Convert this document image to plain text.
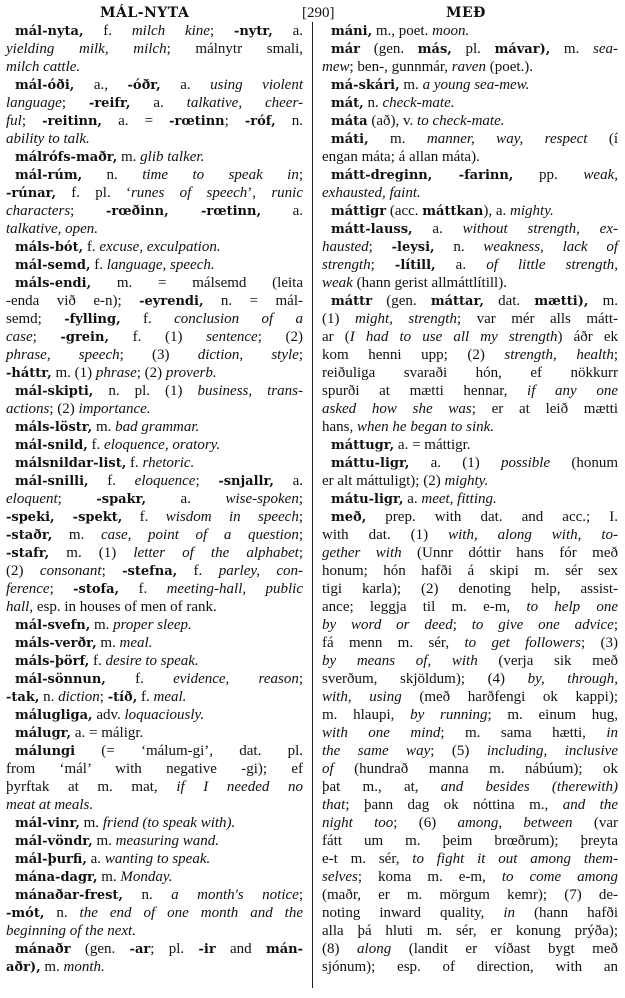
MÁL-NYTA	[290]	MEÐ
mál-nyta, f. milch kine; -nytr, a.
yielding milk, milch; málnytr smali,
milch cattle.
mál-óði, a., -óðr, a. using violent
language; -reifr, a. talkative, cheer-
ful; -reitinn, a. = -rœtinn; -róf, n.
ability to talk.
málrófs-maðr, m. glib talker.
mál-rúm, n. time to speak in;
-rúnar, f. pl. ‘runes of speech’, runic
characters; -rœðinn, -rœtinn, a.
talkative, open.
máls-bót, f. excuse, exculpation.
mál-semd, f. language, speech.
máls-endi, m. = málsemd (leita
-enda við e-n); -eyrendi, n. = mál-
semd; -fylling, f. conclusion of a
case; -grein, f. (1) sentence; (2)
phrase, speech; (3) diction, style;
-háttr, m. (1) phrase; (2) proverb.
mál-skipti, n. pl. (1) business, trans-
actions; (2) importance.
máls-löstr, m. bad grammar.
mál-snild, f. eloquence, oratory.
málsnildar-list, f. rhetoric.
mál-snilli, f. eloquence; -snjallr, a.
eloquent; -spakr, a. wise-spoken;
-speki, -spekt, f. wisdom in speech;
-staðr, m. case, point of a question;
-stafr, m. (1) letter of the alphabet;
(2) consonant; -stefna, f. parley, con-
ference; -stofa, f. meeting-hall, public
hall, esp. in houses of men of rank.
mál-svefn, m. proper sleep.
máls-verðr, m. meal.
máls-þörf, f. desire to speak.
mál-sönnun, f. evidence, reason;
-tak, n. diction; -tíð, f. meal.
málugliga, adv. loquaciously.
málugr, a. = máligr.
málungi (= ‘málum-gi’, dat. pl.
from ‘mál’ with negative -gi); ef
þyrftak at m. mat, if I needed no
meat at meals.
mál-vinr, m. friend (to speak with).
mál-vöndr, m. measuring wand.
mál-þurfi, a. wanting to speak.
mána-dagr, m. Monday.
mánaðar-frest, n. a month's notice;
-mót, n. the end of one month and the
beginning of the next.
mánaðr (gen. -ar; pl. -ir and mán-
aðr), m. month.
máni, m., poet. moon.
már (gen. más, pl. mávar), m. sea-
mew; ben-, gunnmár, raven (poet.).
má-skári, m. a young sea-mew.
mát, n. check-mate.
máta (að), v. to check-mate.
máti, m. manner, way, respect (í
engan máta; á allan máta).
mátt-dreginn, -farinn, pp. weak,
exhausted, faint.
máttigr (acc. máttkan), a. mighty.
mátt-lauss, a. without strength, ex-
hausted; -leysi, n. weakness, lack of
strength; -lítill, a. of little strength,
weak (hann gerist allmáttlítill).
máttr (gen. máttar, dat. mætti), m.
(1) might, strength; var mér alls mátt-
ar (I had to use all my strength) áðr ek
kom henni upp; (2) strength, health;
reiðuliga svaraði hón, ef nökkurr
spurði at mætti hennar, if any one
asked how she was; er at leið mætti
hans, when he began to sink.
máttugr, a. = máttigr.
máttu-ligr, a. (1) possible (honum
er alt máttuligt); (2) mighty.
mátu-ligr, a. meet, fitting.
með, prep. with dat. and acc.; I.
with dat. (1) with, along with, to-
gether with (Unnr dóttir hans fór með
honum; hón hafði á skipi m. sér sex
tigi karla); (2) denoting help, assist-
ance; leggja til m. e-m, to help one
by word or deed; to give one advice;
fá menn m. sér, to get followers; (3)
by means of, with (verja sik með
sverðum, skjöldum); (4) by, through,
with, using (með harðfengi ok kappi);
m. hlaupi, by running; m. einum hug,
with one mind; m. sama hætti, in
the same way; (5) including, inclusive
of (hundrað manna m. nábúum); ok
þat m., at, and besides (therewith)
that; þann dag ok nóttina m., and the
night too; (6) among, between (var
fátt um m. þeim brœðrum); þreyta
e-t m. sér, to fight it out among them-
selves; koma m. e-m, to come among
(maðr, er m. mörgum kemr); (7) de-
noting inward quality, in (hann hafði
alla þá hluti m. sér, er konung prýða);
(8) along (landit er víðast bygt með
sjónum); esp. of direction, with an
